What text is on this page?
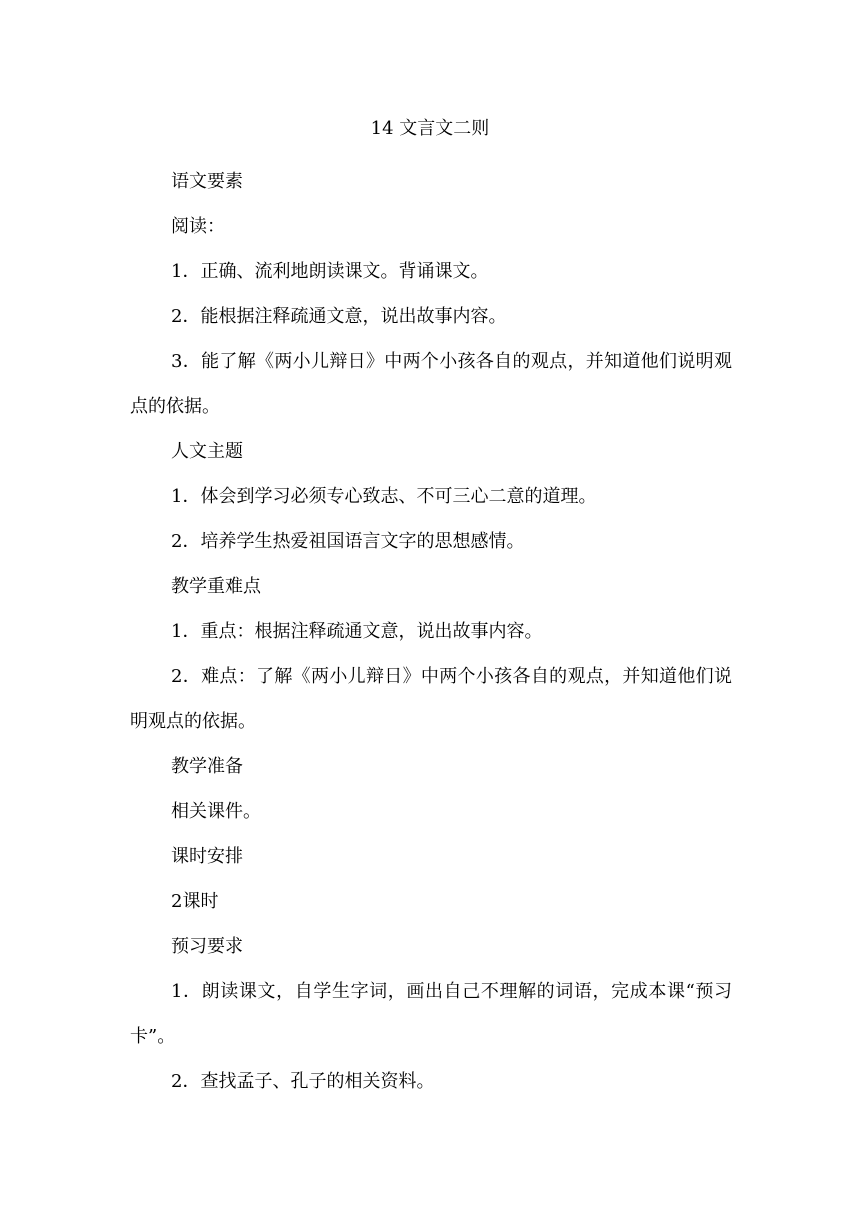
14 文言文二则

语文要素

阅读：

1．正确、流利地朗读课文。背诵课文。

2．能根据注释疏通文意，说出故事内容。

3．能了解《两小儿辩日》中两个小孩各自的观点，并知道他们说明观点的依据。

人文主题

1．体会到学习必须专心致志、不可三心二意的道理。

2．培养学生热爱祖国语言文字的思想感情。

教学重难点

1．重点：根据注释疏通文意，说出故事内容。

2．难点：了解《两小儿辩日》中两个小孩各自的观点，并知道他们说明观点的依据。

教学准备

相关课件。

课时安排

2课时

预习要求

1．朗读课文，自学生字词，画出自己不理解的词语，完成本课“预习卡”。

2．查找孟子、孔子的相关资料。
